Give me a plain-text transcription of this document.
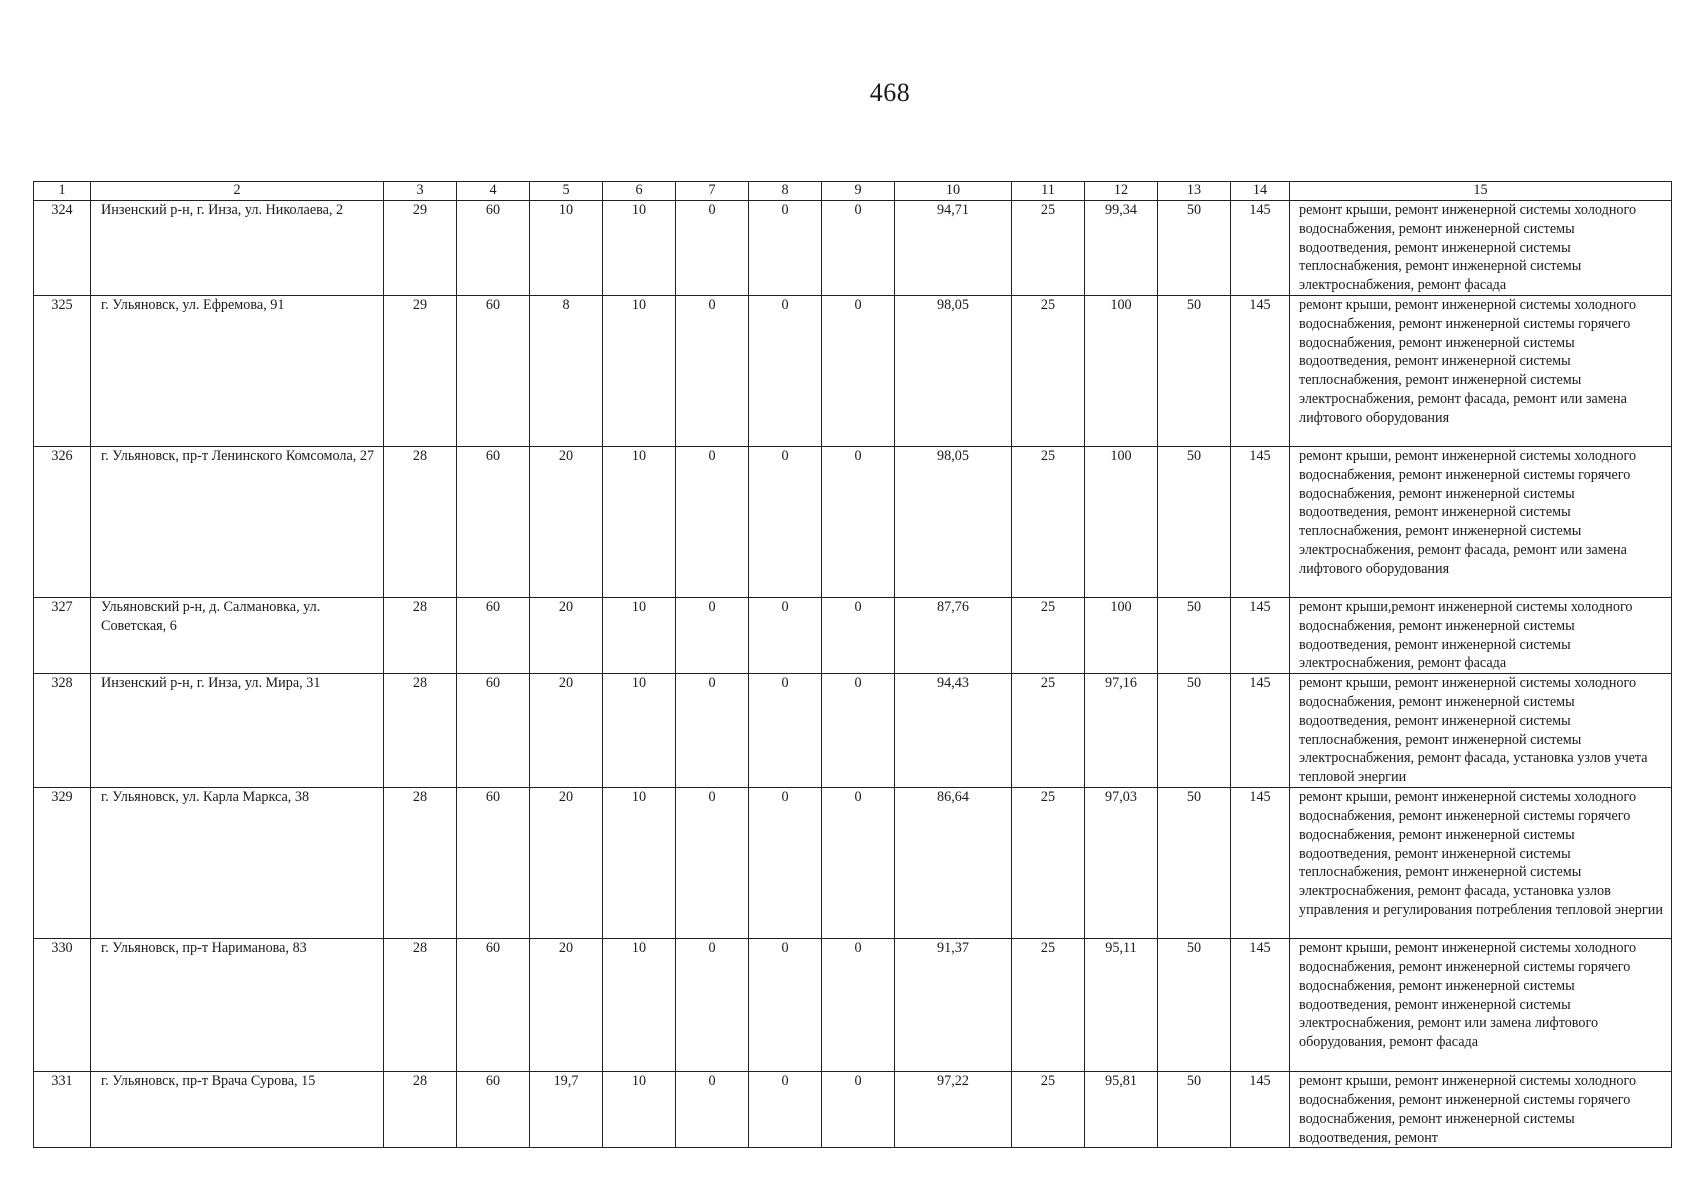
468
1	2	3	4	5	6	7	8	9	10	11	12	13	14	15
324	Инзенский р-н, г. Инза, ул. Николаева, 2	29	60	10	10	0	0	0	94,71	25	99,34	50	145	ремонт крыши, ремонт инженерной системы холодного водоснабжения, ремонт инженерной системы водоотведения, ремонт инженерной системы теплоснабжения, ремонт инженерной системы электроснабжения, ремонт фасада
325	г. Ульяновск, ул. Ефремова, 91	29	60	8	10	0	0	0	98,05	25	100	50	145	ремонт крыши, ремонт инженерной системы холодного водоснабжения, ремонт инженерной системы горячего водоснабжения, ремонт инженерной системы водоотведения, ремонт инженерной системы теплоснабжения, ремонт инженерной системы электроснабжения, ремонт фасада, ремонт или замена лифтового оборудования
326	г. Ульяновск, пр-т Ленинского Комсомола, 27	28	60	20	10	0	0	0	98,05	25	100	50	145	ремонт крыши, ремонт инженерной системы холодного водоснабжения, ремонт инженерной системы горячего водоснабжения, ремонт инженерной системы водоотведения, ремонт инженерной системы теплоснабжения, ремонт инженерной системы электроснабжения, ремонт фасада, ремонт или замена лифтового оборудования
327	Ульяновский р-н, д. Салмановка, ул. Советская, 6	28	60	20	10	0	0	0	87,76	25	100	50	145	ремонт крыши,ремонт инженерной системы холодного водоснабжения, ремонт инженерной системы водоотведения, ремонт инженерной системы электроснабжения, ремонт фасада
328	Инзенский р-н, г. Инза, ул. Мира, 31	28	60	20	10	0	0	0	94,43	25	97,16	50	145	ремонт крыши, ремонт инженерной системы холодного водоснабжения, ремонт инженерной системы водоотведения, ремонт инженерной системы теплоснабжения, ремонт инженерной системы электроснабжения, ремонт фасада, установка узлов учета тепловой энергии
329	г. Ульяновск, ул. Карла Маркса, 38	28	60	20	10	0	0	0	86,64	25	97,03	50	145	ремонт крыши, ремонт инженерной системы холодного водоснабжения, ремонт инженерной системы горячего водоснабжения, ремонт инженерной системы водоотведения, ремонт инженерной системы теплоснабжения, ремонт инженерной системы электроснабжения, ремонт фасада, установка узлов управления и регулирования потребления тепловой энергии
330	г. Ульяновск, пр-т Нариманова, 83	28	60	20	10	0	0	0	91,37	25	95,11	50	145	ремонт крыши, ремонт инженерной системы холодного водоснабжения, ремонт инженерной системы горячего водоснабжения, ремонт инженерной системы водоотведения, ремонт инженерной системы электроснабжения, ремонт или замена лифтового оборудования, ремонт фасада
331	г. Ульяновск, пр-т Врача Сурова, 15	28	60	19,7	10	0	0	0	97,22	25	95,81	50	145	ремонт крыши, ремонт инженерной системы холодного водоснабжения, ремонт инженерной системы горячего водоснабжения, ремонт инженерной системы водоотведения, ремонт
